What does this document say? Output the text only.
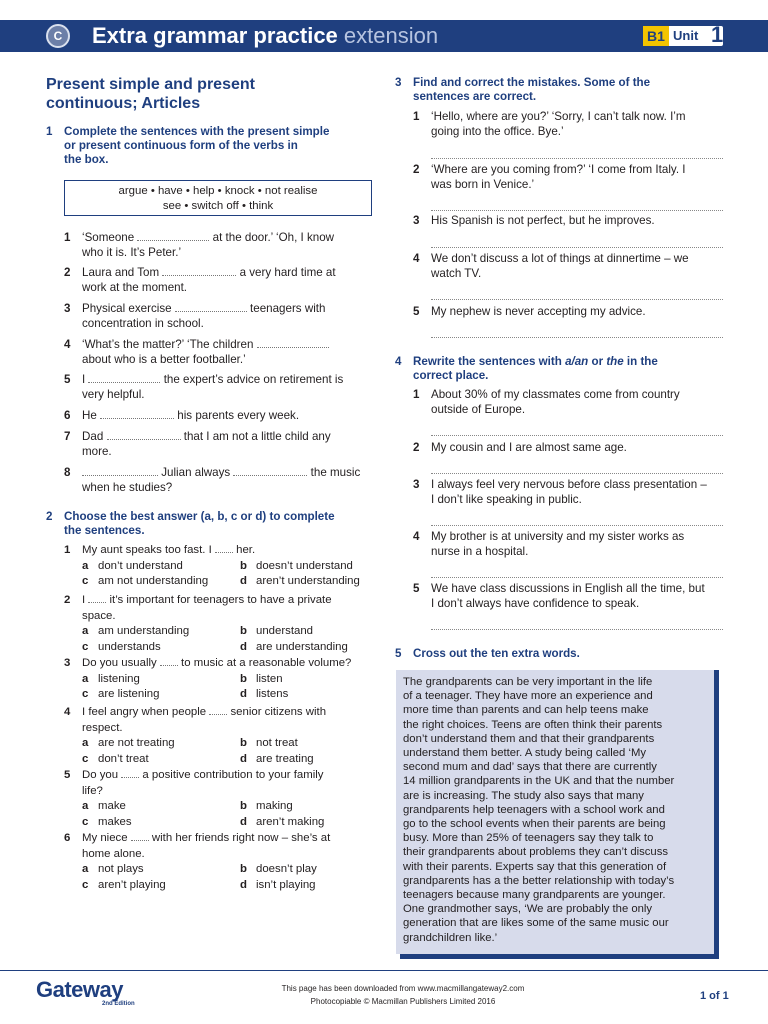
C	Extra grammar practice extension	B1 Unit 1
Present simple and present
continuous; Articles
1 Complete the sentences with the present simple
or present continuous form of the verbs in
the box.
argue • have • help • knock • not realise
see • switch off • think
1 ‘Someone	at the door.’ ‘Oh, I know
who it is. It’s Peter.’
2 Laura and Tom	a very hard time at
work at the moment.
3 Physical exercise	teenagers with
concentration in school.
4 ‘What’s the matter?’ ‘The children
about who is a better footballer.’
5 I	the expert’s advice on retirement is
very helpful.
6 He	his parents every week.
7 Dad	that I am not a little child any
more.
8	Julian always	the music
when he studies?
2 Choose the best answer (a, b, c or d) to complete
the sentences.
1 My aunt speaks too fast. I  her.
a don’t understand	b doesn’t understand
c am not understanding	d aren’t understanding
2 I  it’s important for teenagers to have a private
space.
a am understanding	b understand
c understands	d are understanding
3 Do you usually  to music at a reasonable volume?
a listening	b listen
c are listening	d listens
4 I feel angry when people  senior citizens with
respect.
a are not treating	b not treat
c don’t treat	d are treating
5 Do you  a positive contribution to your family
life?
a make	b making
c makes	d aren’t making
6 My niece  with her friends right now – she’s at
home alone.
a not plays	b doesn’t play
c aren’t playing	d isn’t playing
3 Find and correct the mistakes. Some of the
sentences are correct.
1 ‘Hello, where are you?’ ‘Sorry, I can’t talk now. I’m
going into the office. Bye.’
2 ‘Where are you coming from?’ ‘I come from Italy. I
was born in Venice.’
3 His Spanish is not perfect, but he improves.
4 We don’t discuss a lot of things at dinnertime – we
watch TV.
5 My nephew is never accepting my advice.
4 Rewrite the sentences with a/an or the in the
correct place.
1 About 30% of my classmates come from country
outside of Europe.
2 My cousin and I are almost same age.
3 I always feel very nervous before class presentation –
I don’t like speaking in public.
4 My brother is at university and my sister works as
nurse in a hospital.
5 We have class discussions in English all the time, but
I don’t always have confidence to speak.
5 Cross out the ten extra words.
The grandparents can be very important in the life
of a teenager. They have more an experience and
more time than parents and can help teens make
the right choices. Teens are often think their parents
don’t understand them and that their grandparents
understand them better. A study being called ‘My
second mum and dad’ says that there are currently
14 million grandparents in the UK and that the number
are is increasing. The study also says that many
grandparents help teenagers with a school work and
go to the school events when their parents are being
busy. More than 25% of teenagers say they talk to
their grandparents about problems they can’t discuss
with their parents. Experts say that this generation of
grandparents has a the better relationship with today’s
teenagers because many grandparents are younger.
One grandmother says, ‘We are probably the only
generation that are likes some of the same music our
grandchildren like.’
Gateway
2nd Edition
This page has been downloaded from www.macmillangateway2.com
Photocopiable © Macmillan Publishers Limited 2016	1 of 1
